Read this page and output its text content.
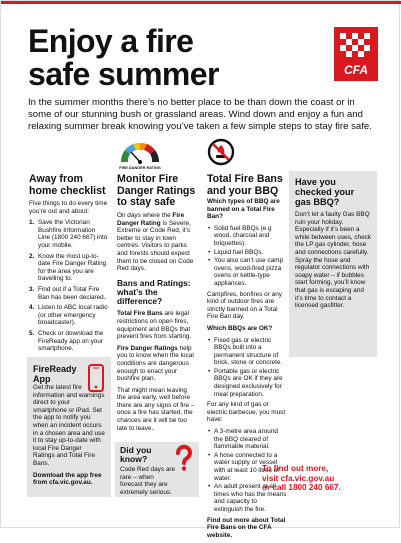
Enjoy a fire
safe summer	CFA
In the summer months there’s no better place to be than down the coast or in some of our stunning bush or grassland areas. Wind down and enjoy a fun and relaxing summer break knowing you’ve taken a few simple steps to stay fire safe.
Away from home checklist

Five things to do every time you’re out and about:

1. Save the Victorian Bushfire Information Line (1800 240 667) into your mobile.
2. Know the most up-to-date Fire Danger Rating for the area you are travelling to.
3. Find out if a Total Fire Ban has been declared.
4. Listen to ABC local radio (or other emergency broadcaster).
5. Check or download the FireReady app on your smartphone.
FireReady
App

Get the latest fire information and warnings direct to your smartphone or iPad. Set the app to notify you when an incident occurs in a chosen area and use it to stay up-to-date with local Fire Danger Ratings and Total Fire Bans.

Download the app free from cfa.vic.gov.au.

FIRE DANGER RATING
Monitor Fire Danger Ratings to stay safe

On days where the Fire Danger Rating is Severe, Extreme or Code Red, it’s better to stay in town centres. Visitors to parks and forests should expect them to be closed on Code Red days.

Bans and Ratings: what’s the difference?

Total Fire Bans are legal restrictions on open fires, equipment and BBQs that prevent fires from starting.

Fire Danger Ratings help you to know when the local conditions are dangerous enough to enact your bushfire plan.

That might mean leaving the area early, well before there are any signs of fire – once a fire has started, the chances are it will be too late to leave.

Did you
know?
Code Red days are rare – when forecast they are extremely serious.
Total Fire Bans and your BBQ

Which types of BBQ are banned on a Total Fire Ban?

• Solid fuel BBQs (e.g wood, charcoal and briquettes).
• Liquid fuel BBQs.
• You also can’t use camp ovens, wood-fired pizza ovens or kettle-type appliances.

Campfires, bonfires or any kind of outdoor fires are strictly banned on a Total Fire Ban day.

Which BBQs are OK?

• Fixed gas or electric BBQs built into a permanent structure of brick, stone or concrete.
• Portable gas or electric BBQs are OK if they are designed exclusively for meal preparation.

For any kind of gas or electric barbecue, you must have:

• A 3-metre area around the BBQ cleared of flammable material.
• A hose connected to a water supply or vessel with at least 10 litres of water.
• An adult present at all times who has the means and capacity to extinguish the fire.

Find out more about Total Fire Bans on the CFA website.

Have you checked your gas BBQ?
Don’t let a faulty Gas BBQ ruin your holiday. Especially if it’s been a while between uses, check the LP gas cylinder, hose and connections carefully. Spray the hose and regulator connections with soapy water – if bubbles start forming, you’ll know that gas is escaping and it’s time to contact a licensed gasfitter.
To find out more,
visit cfa.vic.gov.au
or call 1800 240 667.
